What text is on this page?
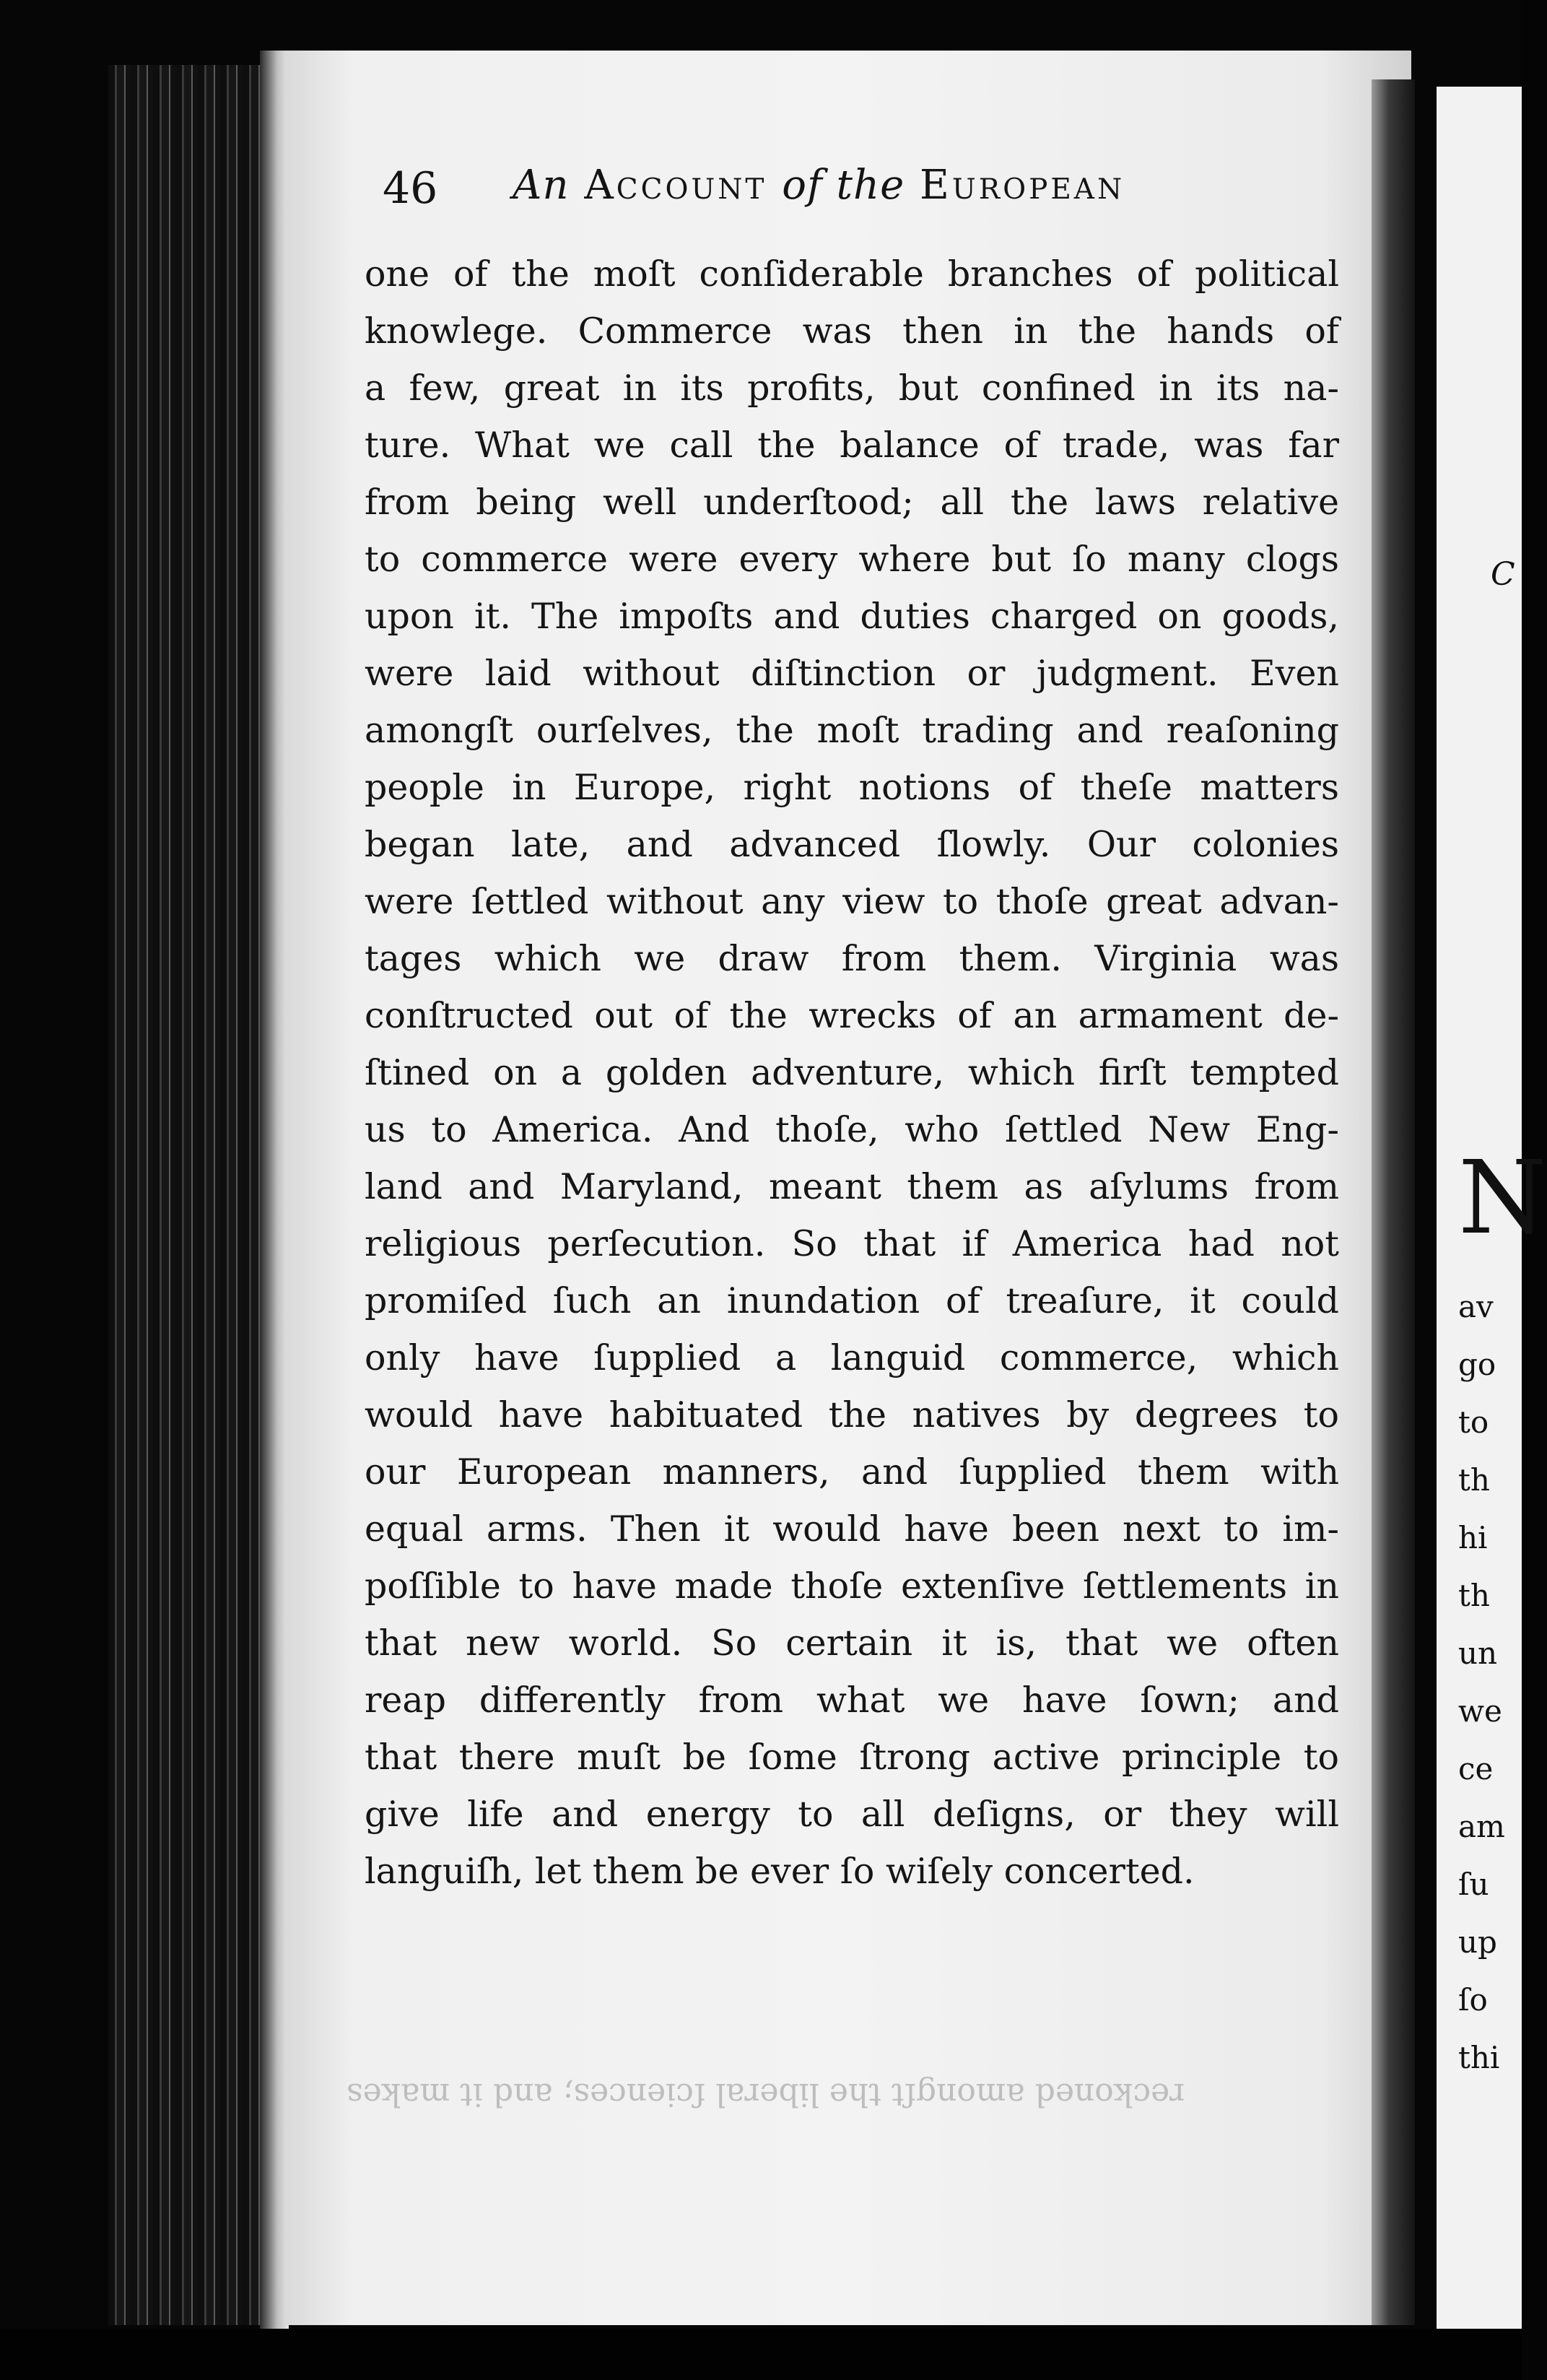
46 An Account of the European
one of the moſt conſiderable branches of political
knowlege. Commerce was then in the hands of
a few, great in its profits, but confined in its na-
ture. What we call the balance of trade, was far
from being well underſtood; all the laws relative
to commerce were every where but ſo many clogs
upon it. The impoſts and duties charged on goods,
were laid without diſtinction or judgment. Even
amongſt ourſelves, the moſt trading and reaſoning
people in Europe, right notions of theſe matters
began late, and advanced ſlowly. Our colonies
were ſettled without any view to thoſe great advan-
tages which we draw from them. Virginia was
conſtructed out of the wrecks of an armament de-
ſtined on a golden adventure, which firſt tempted
us to America. And thoſe, who ſettled New Eng-
land and Maryland, meant them as aſylums from
religious perſecution. So that if America had not
promiſed ſuch an inundation of treaſure, it could
only have ſupplied a languid commerce, which
would have habituated the natives by degrees to
our European manners, and ſupplied them with
equal arms. Then it would have been next to im-
poſſible to have made thoſe extenſive ſettlements in
that new world. So certain it is, that we often
reap differently from what we have ſown; and
that there muſt be ſome ſtrong active principle to
give life and energy to all deſigns, or they will
languiſh, let them be ever ſo wiſely concerted.
reckoned amongſt the liberal ſciences; and it makes
C
N
av
go
to
th
hi
th
un
we
ce
am
ſu
up
ſo
thi
